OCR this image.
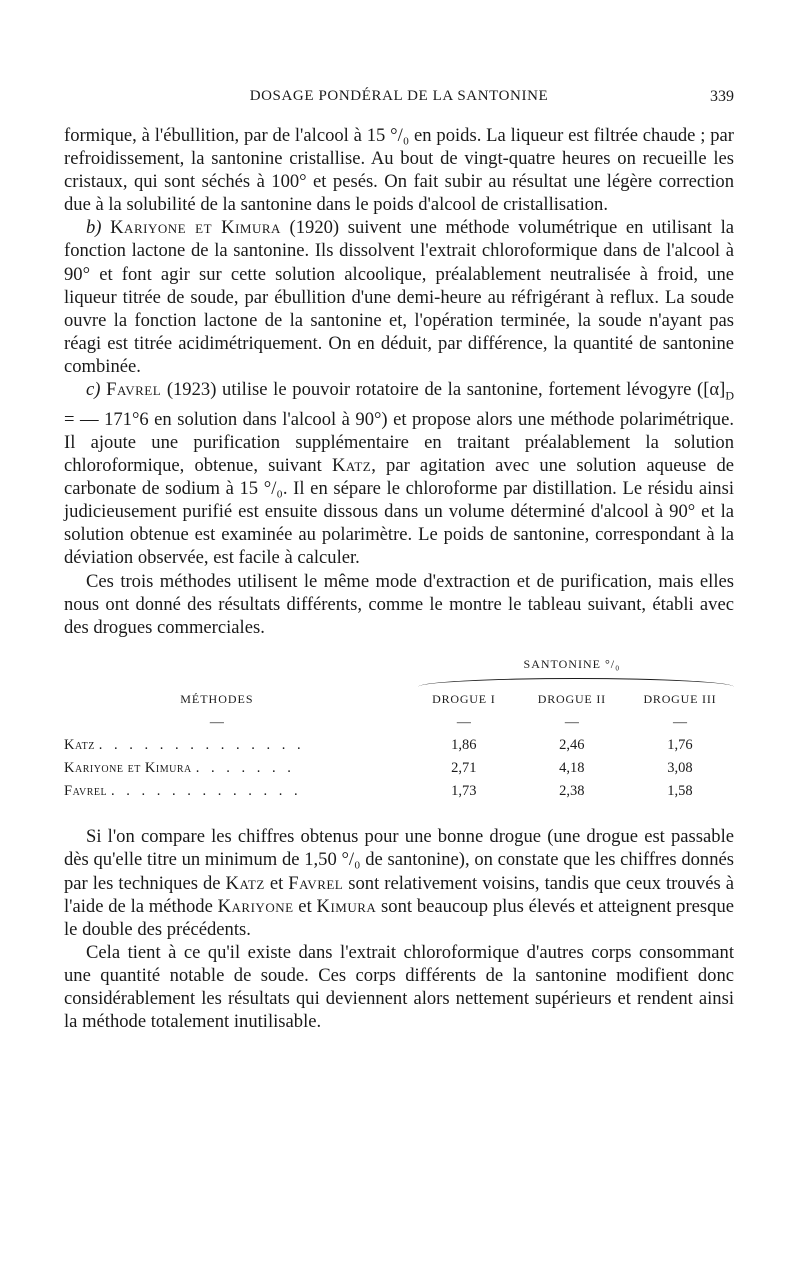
DOSAGE PONDÉRAL DE LA SANTONINE	339

formique, à l'ébullition, par de l'alcool à 15 °/₀ en poids. La liqueur est filtrée chaude ; par refroidissement, la santonine cristallise. Au bout de vingt-quatre heures on recueille les cristaux, qui sont séchés à 100° et pesés. On fait subir au résultat une légère correction due à la solubilité de la santonine dans le poids d'alcool de cristallisation.

b) Kariyone et Kimura (1920) suivent une méthode volumétrique en utilisant la fonction lactone de la santonine. Ils dissolvent l'extrait chloroformique dans de l'alcool à 90° et font agir sur cette solution alcoolique, préalablement neutralisée à froid, une liqueur titrée de soude, par ébullition d'une demi-heure au réfrigérant à reflux. La soude ouvre la fonction lactone de la santonine et, l'opération terminée, la soude n'ayant pas réagi est titrée acidimétriquement. On en déduit, par différence, la quantité de santonine combinée.

c) Favrel (1923) utilise le pouvoir rotatoire de la santonine, fortement lévogyre ($[\alpha]_D$ = — 171°6 en solution dans l'alcool à 90°) et propose alors une méthode polarimétrique. Il ajoute une purification supplémentaire en traitant préalablement la solution chloroformique, obtenue, suivant Katz, par agitation avec une solution aqueuse de carbonate de sodium à 15 °/₀. Il en sépare le chloroforme par distillation. Le résidu ainsi judicieusement purifié est ensuite dissous dans un volume déterminé d'alcool à 90° et la solution obtenue est examinée au polarimètre. Le poids de santonine, correspondant à la déviation observée, est facile à calculer.

Ces trois méthodes utilisent le même mode d'extraction et de purification, mais elles nous ont donné des résultats différents, comme le montre le tableau suivant, établi avec des drogues commerciales.

	SANTONINE °/₀		

MÉTHODES	DROGUE I	DROGUE II	DROGUE III
—	—	—	—
Katz . . . . . . . . . . . . . .	1,86	2,46	1,76
Kariyone et Kimura . . . . . . .	2,71	4,18	3,08
Favrel . . . . . . . . . . . . .	1,73	2,38	1,58

Si l'on compare les chiffres obtenus pour une bonne drogue (une drogue est passable dès qu'elle titre un minimum de 1,50 °/₀ de santonine), on constate que les chiffres donnés par les techniques de Katz et Favrel sont relativement voisins, tandis que ceux trouvés à l'aide de la méthode Kariyone et Kimura sont beaucoup plus élevés et atteignent presque le double des précédents.

Cela tient à ce qu'il existe dans l'extrait chloroformique d'autres corps consommant une quantité notable de soude. Ces corps différents de la santonine modifient donc considérablement les résultats qui deviennent alors nettement supérieurs et rendent ainsi la méthode totalement inutilisable.
